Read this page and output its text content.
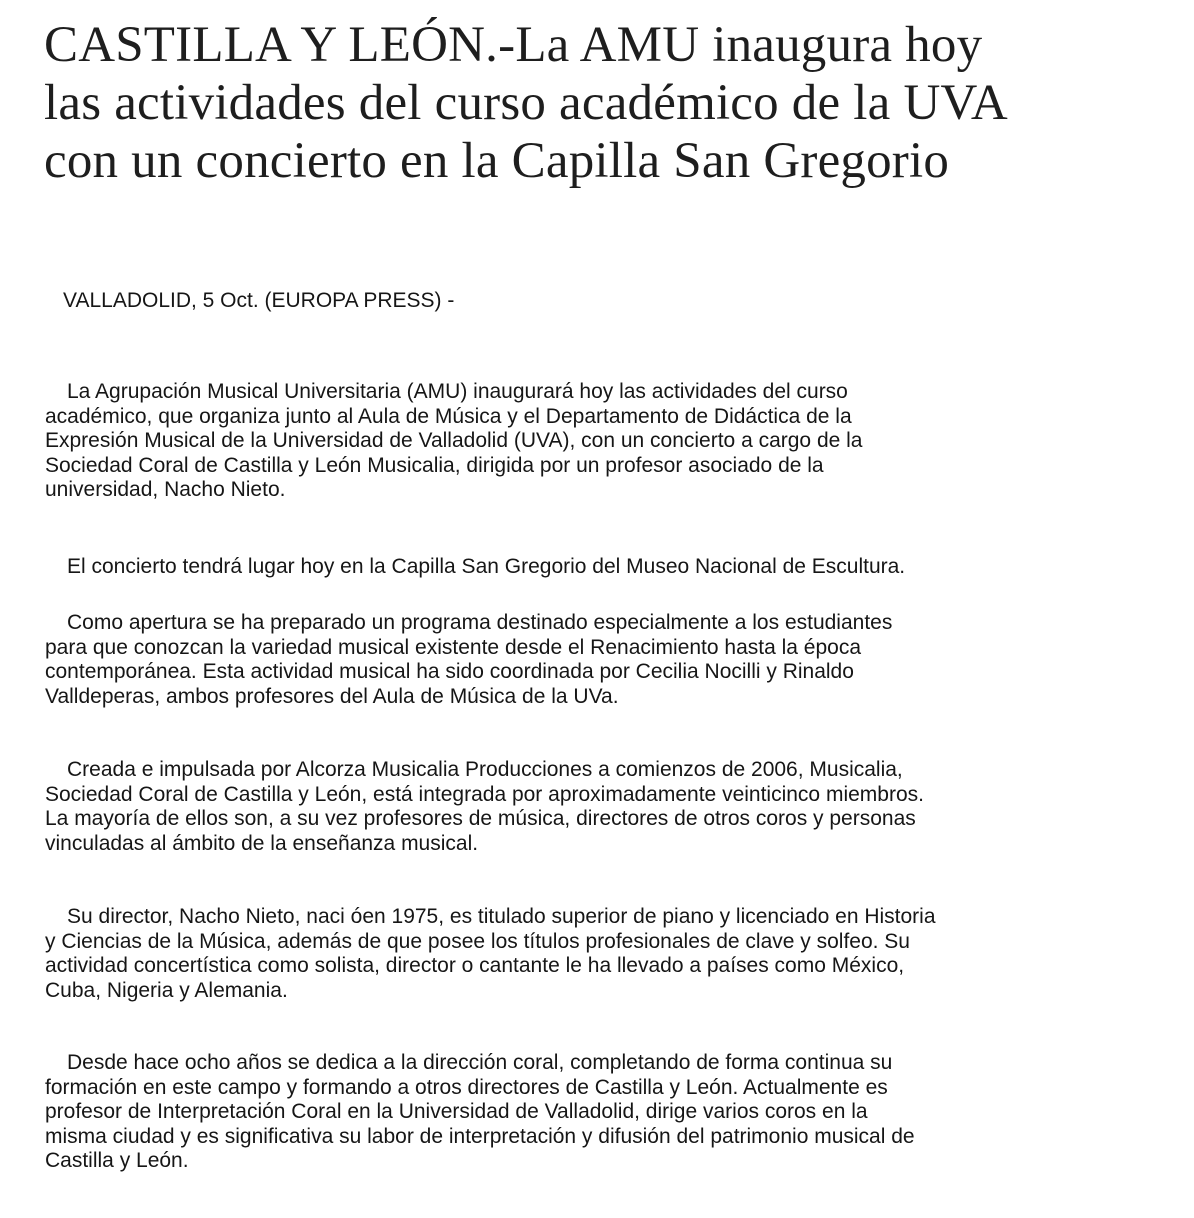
CASTILLA Y LEÓN.-La AMU inaugura hoy
las actividades del curso académico de la UVA
con un concierto en la Capilla San Gregorio

VALLADOLID, 5 Oct. (EUROPA PRESS) -

La Agrupación Musical Universitaria (AMU) inaugurará hoy las actividades del curso
académico, que organiza junto al Aula de Música y el Departamento de Didáctica de la
Expresión Musical de la Universidad de Valladolid (UVA), con un concierto a cargo de la
Sociedad Coral de Castilla y León Musicalia, dirigida por un profesor asociado de la
universidad, Nacho Nieto.

El concierto tendrá lugar hoy en la Capilla San Gregorio del Museo Nacional de Escultura.

Como apertura se ha preparado un programa destinado especialmente a los estudiantes
para que conozcan la variedad musical existente desde el Renacimiento hasta la época
contemporánea. Esta actividad musical ha sido coordinada por Cecilia Nocilli y Rinaldo
Valldeperas, ambos profesores del Aula de Música de la UVa.

Creada e impulsada por Alcorza Musicalia Producciones a comienzos de 2006, Musicalia,
Sociedad Coral de Castilla y León, está integrada por aproximadamente veinticinco miembros.
La mayoría de ellos son, a su vez profesores de música, directores de otros coros y personas
vinculadas al ámbito de la enseñanza musical.

Su director, Nacho Nieto, naci óen 1975, es titulado superior de piano y licenciado en Historia
y Ciencias de la Música, además de que posee los títulos profesionales de clave y solfeo. Su
actividad concertística como solista, director o cantante le ha llevado a países como México,
Cuba, Nigeria y Alemania.

Desde hace ocho años se dedica a la dirección coral, completando de forma continua su
formación en este campo y formando a otros directores de Castilla y León. Actualmente es
profesor de Interpretación Coral en la Universidad de Valladolid, dirige varios coros en la
misma ciudad y es significativa su labor de interpretación y difusión del patrimonio musical de
Castilla y León.
